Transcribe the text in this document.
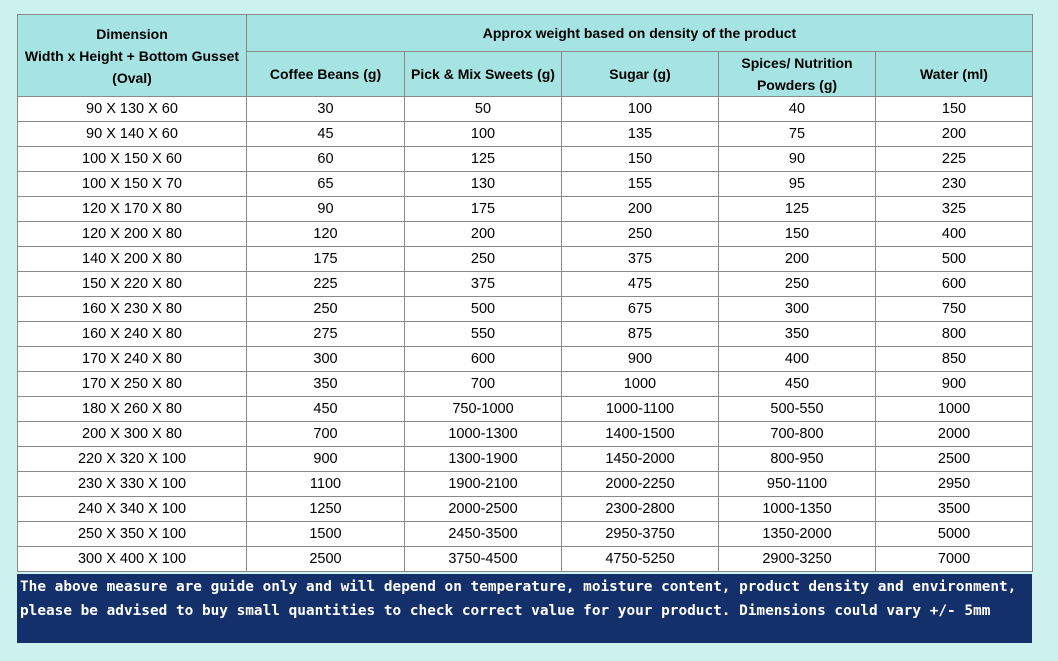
Dimension
Width x Height + Bottom Gusset
(Oval)	Approx weight based on density of the product				
	Coffee Beans (g)	Pick & Mix Sweets (g)	Sugar (g)	Spices/ Nutrition Powders (g)	Water (ml)
90 X 130 X 60	30	50	100	40	150
90 X 140 X 60	45	100	135	75	200
100 X 150 X 60	60	125	150	90	225
100 X 150 X 70	65	130	155	95	230
120 X 170 X 80	90	175	200	125	325
120 X 200 X 80	120	200	250	150	400
140 X 200 X 80	175	250	375	200	500
150 X 220 X 80	225	375	475	250	600
160 X 230 X 80	250	500	675	300	750
160 X 240 X 80	275	550	875	350	800
170 X 240 X 80	300	600	900	400	850
170 X 250 X 80	350	700	1000	450	900
180 X 260 X 80	450	750-1000	1000-1100	500-550	1000
200 X 300 X 80	700	1000-1300	1400-1500	700-800	2000
220 X 320 X 100	900	1300-1900	1450-2000	800-950	2500
230 X 330 X 100	1100	1900-2100	2000-2250	950-1100	2950
240 X 340 X 100	1250	2000-2500	2300-2800	1000-1350	3500
250 X 350 X 100	1500	2450-3500	2950-3750	1350-2000	5000
300 X 400 X 100	2500	3750-4500	4750-5250	2900-3250	7000
The above measure are guide only and will depend on temperature, moisture content, product density and environment, please be advised to buy small quantities to check correct value for your product. Dimensions could vary +/- 5mm
